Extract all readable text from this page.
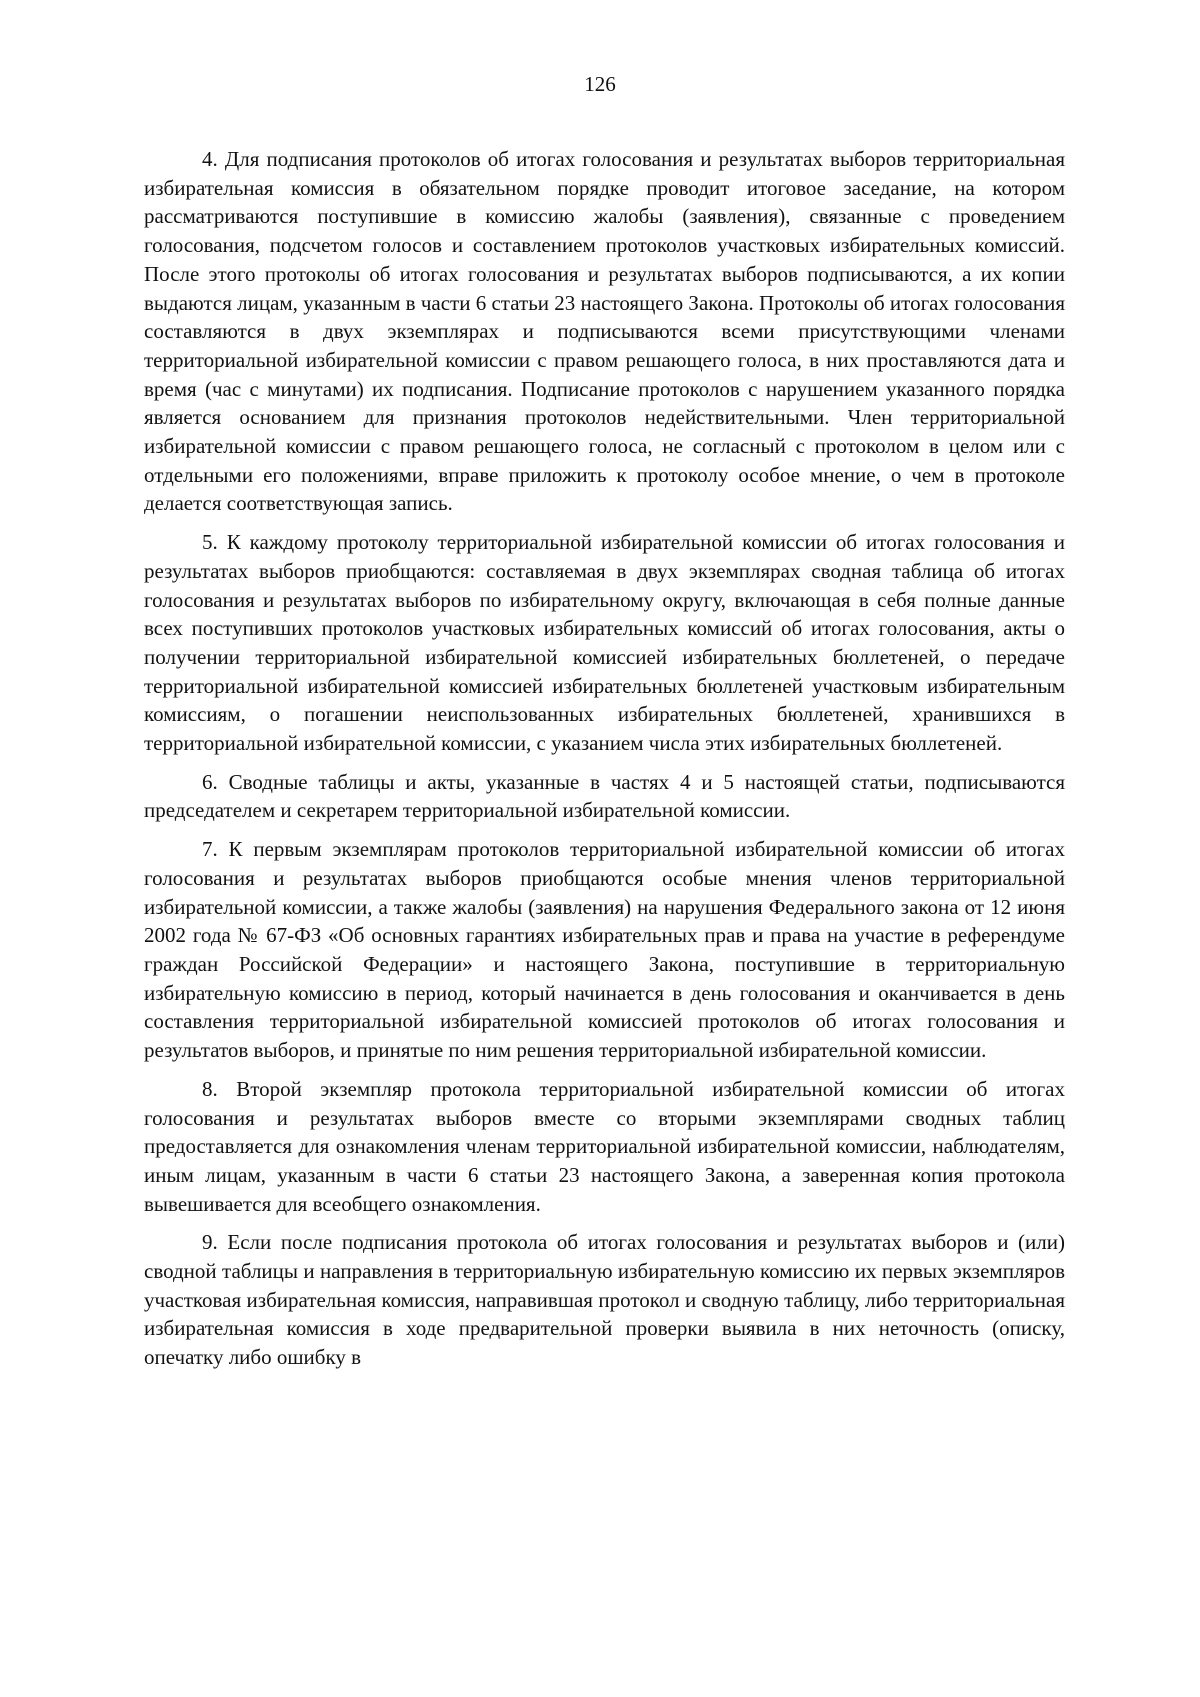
126

4. Для подписания протоколов об итогах голосования и результатах выборов территориальная избирательная комиссия в обязательном порядке проводит итоговое заседание, на котором рассматриваются поступившие в комиссию жалобы (заявления), связанные с проведением голосования, подсчетом голосов и составлением протоколов участковых избирательных комиссий. После этого протоколы об итогах голосования и результатах выборов подписываются, а их копии выдаются лицам, указанным в части 6 статьи 23 настоящего Закона. Протоколы об итогах голосования составляются в двух экземплярах и подписываются всеми присутствующими членами территориальной избирательной комиссии с правом решающего голоса, в них проставляются дата и время (час с минутами) их подписания. Подписание протоколов с нарушением указанного порядка является основанием для признания протоколов недействительными. Член территориальной избирательной комиссии с правом решающего голоса, не согласный с протоколом в целом или с отдельными его положениями, вправе приложить к протоколу особое мнение, о чем в протоколе делается соответствующая запись.

5. К каждому протоколу территориальной избирательной комиссии об итогах голосования и результатах выборов приобщаются: составляемая в двух экземплярах сводная таблица об итогах голосования и результатах выборов по избирательному округу, включающая в себя полные данные всех поступивших протоколов участковых избирательных комиссий об итогах голосования, акты о получении территориальной избирательной комиссией избирательных бюллетеней, о передаче территориальной избирательной комиссией избирательных бюллетеней участковым избирательным комиссиям, о погашении неиспользованных избирательных бюллетеней, хранившихся в территориальной избирательной комиссии, с указанием числа этих избирательных бюллетеней.

6. Сводные таблицы и акты, указанные в частях 4 и 5 настоящей статьи, подписываются председателем и секретарем территориальной избирательной комиссии.

7. К первым экземплярам протоколов территориальной избирательной комиссии об итогах голосования и результатах выборов приобщаются особые мнения членов территориальной избирательной комиссии, а также жалобы (заявления) на нарушения Федерального закона от 12 июня 2002 года № 67-ФЗ «Об основных гарантиях избирательных прав и права на участие в референдуме граждан Российской Федерации» и настоящего Закона, поступившие в территориальную избирательную комиссию в период, который начинается в день голосования и оканчивается в день составления территориальной избирательной комиссией протоколов об итогах голосования и результатов выборов, и принятые по ним решения территориальной избирательной комиссии.

8. Второй экземпляр протокола территориальной избирательной комиссии об итогах голосования и результатах выборов вместе со вторыми экземплярами сводных таблиц предоставляется для ознакомления членам территориальной избирательной комиссии, наблюдателям, иным лицам, указанным в части 6 статьи 23 настоящего Закона, а заверенная копия протокола вывешивается для всеобщего ознакомления.

9. Если после подписания протокола об итогах голосования и результатах выборов и (или) сводной таблицы и направления в территориальную избирательную комиссию их первых экземпляров участковая избирательная комиссия, направившая протокол и сводную таблицу, либо территориальная избирательная комиссия в ходе предварительной проверки выявила в них неточность (описку, опечатку либо ошибку в
